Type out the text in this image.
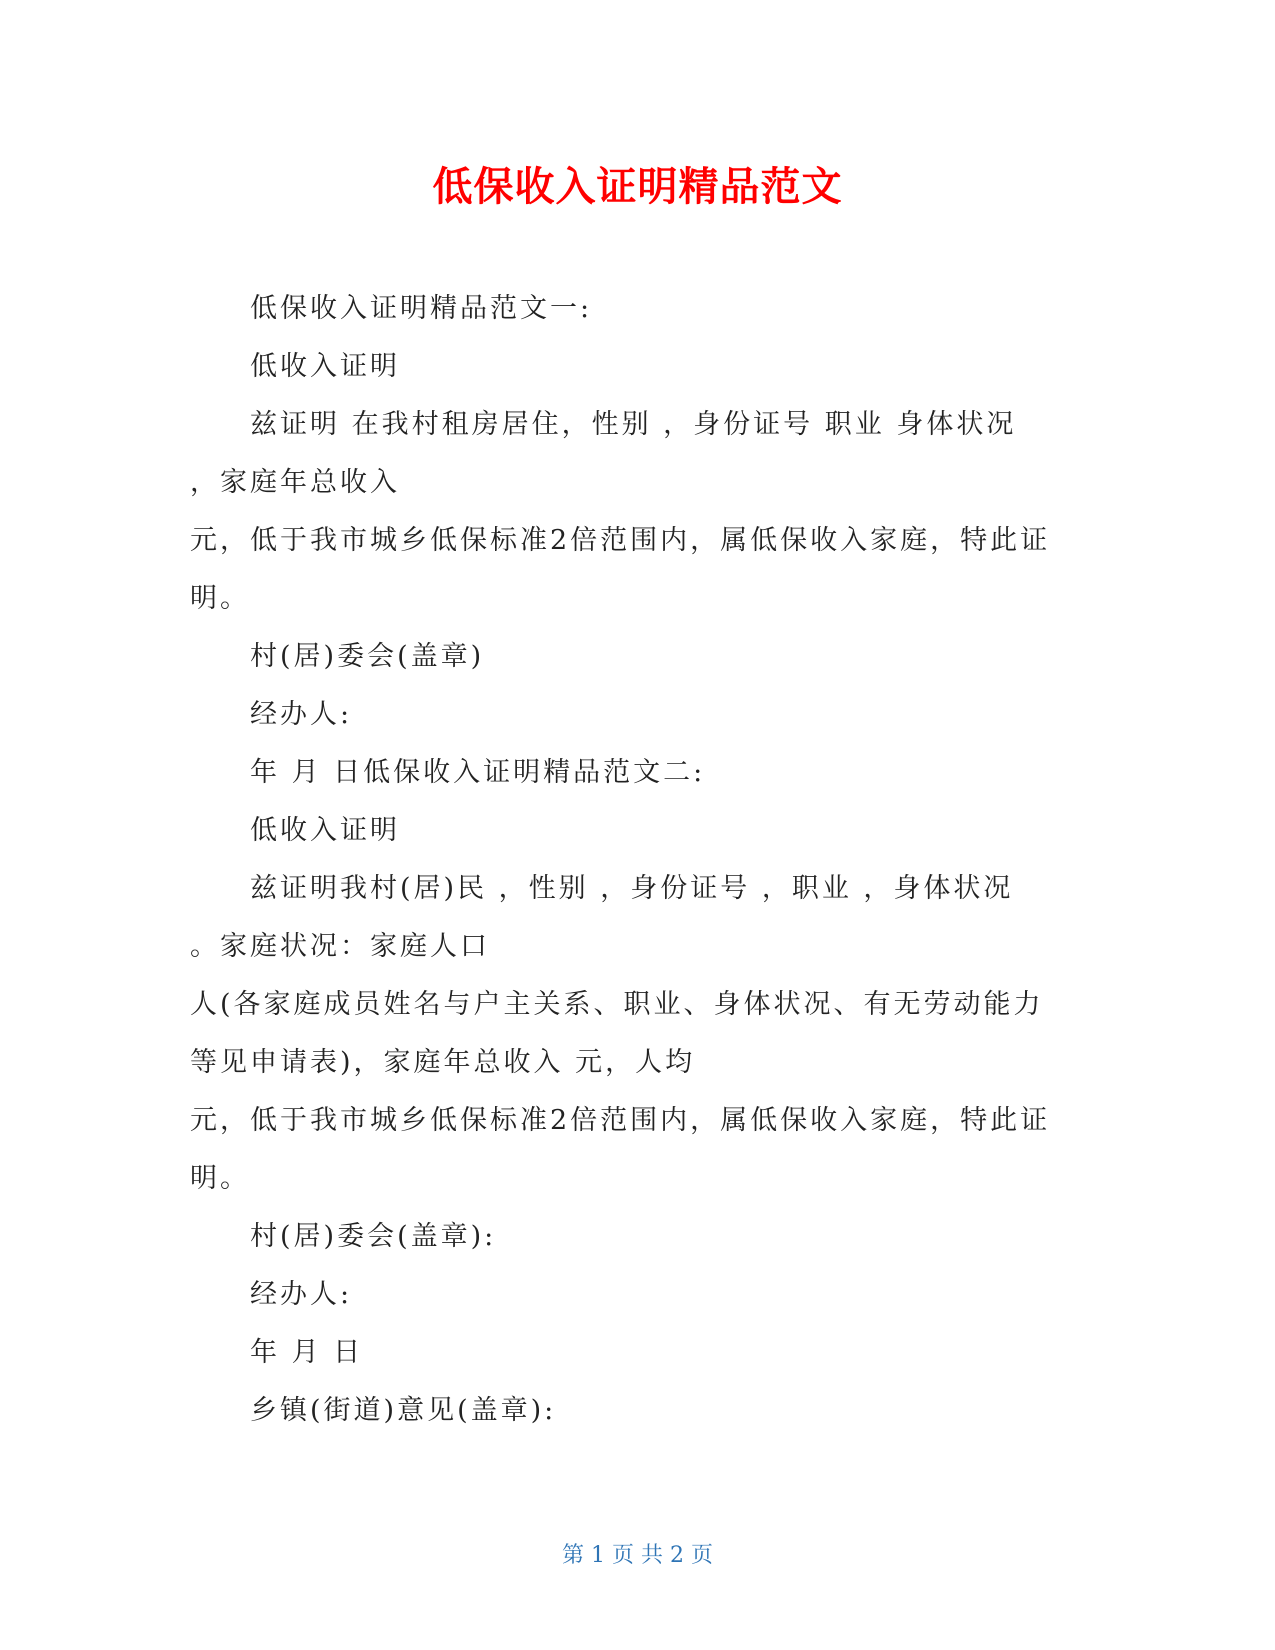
低保收入证明精品范文
低保收入证明精品范文一:
低收入证明
兹证明 在我村租房居住，性别 ，身份证号 职业 身体状况
，家庭年总收入
元，低于我市城乡低保标准2倍范围内，属低保收入家庭，特此证
明。
村(居)委会(盖章)
经办人:
年 月 日低保收入证明精品范文二:
低收入证明
兹证明我村(居)民 ，性别 ，身份证号 ，职业 ，身体状况
。家庭状况：家庭人口
人(各家庭成员姓名与户主关系、职业、身体状况、有无劳动能力
等见申请表)，家庭年总收入 元，人均
元，低于我市城乡低保标准2倍范围内，属低保收入家庭，特此证
明。
村(居)委会(盖章):
经办人:
年 月 日
乡镇(街道)意见(盖章):
第 1 页 共 2 页
